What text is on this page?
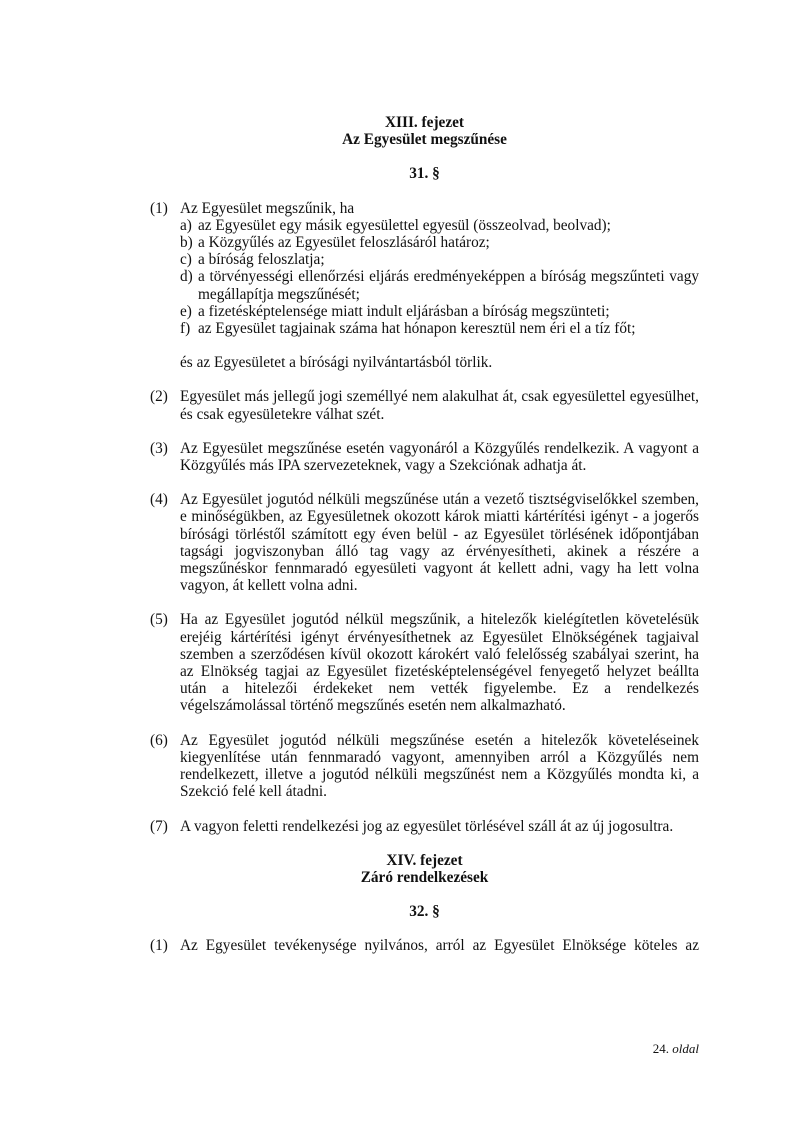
XIII. fejezet

Az Egyesület megszűnése

31. §

(1) Az Egyesület megszűnik, ha
a) az Egyesület egy másik egyesülettel egyesül (összeolvad, beolvad);
b) a Közgyűlés az Egyesület feloszlásáról határoz;
c) a bíróság feloszlatja;
d) a törvényességi ellenőrzési eljárás eredményeképpen a bíróság megszűnteti vagy megállapítja megszűnését;
e) a fizetésképtelensége miatt indult eljárásban a bíróság megszünteti;
f) az Egyesület tagjainak száma hat hónapon keresztül nem éri el a tíz főt;
és az Egyesületet a bírósági nyilvántartásból törlik.
(2) Egyesület más jellegű jogi személlyé nem alakulhat át, csak egyesülettel egyesülhet, és csak egyesületekre válhat szét.
(3) Az Egyesület megszűnése esetén vagyonáról a Közgyűlés rendelkezik. A vagyont a Közgyűlés más IPA szervezeteknek, vagy a Szekciónak adhatja át.
(4) Az Egyesület jogutód nélküli megszűnése után a vezető tisztségviselőkkel szemben, e minőségükben, az Egyesületnek okozott károk miatti kártérítési igényt - a jogerős bírósági törléstől számított egy éven belül - az Egyesület törlésének időpontjában tagsági jogviszonyban álló tag vagy az érvényesítheti, akinek a részére a megszűnéskor fennmaradó egyesületi vagyont át kellett adni, vagy ha lett volna vagyon, át kellett volna adni.
(5) Ha az Egyesület jogutód nélkül megszűnik, a hitelezők kielégítetlen követelésük erejéig kártérítési igényt érvényesíthetnek az Egyesület Elnökségének tagjaival szemben a szerződésen kívül okozott károkért való felelősség szabályai szerint, ha az Elnökség tagjai az Egyesület fizetésképtelenségével fenyegető helyzet beállta után a hitelezői érdekeket nem vették figyelembe. Ez a rendelkezés végelszámolással történő megszűnés esetén nem alkalmazható.
(6) Az Egyesület jogutód nélküli megszűnése esetén a hitelezők követeléseinek kiegyenlítése után fennmaradó vagyont, amennyiben arról a Közgyűlés nem rendelkezett, illetve a jogutód nélküli megszűnést nem a Közgyűlés mondta ki, a Szekció felé kell átadni.
(7) A vagyon feletti rendelkezési jog az egyesület törlésével száll át az új jogosultra.

XIV. fejezet

Záró rendelkezések

32. §

(1) Az Egyesület tevékenysége nyilvános, arról az Egyesület Elnöksége köteles az
24. oldal
